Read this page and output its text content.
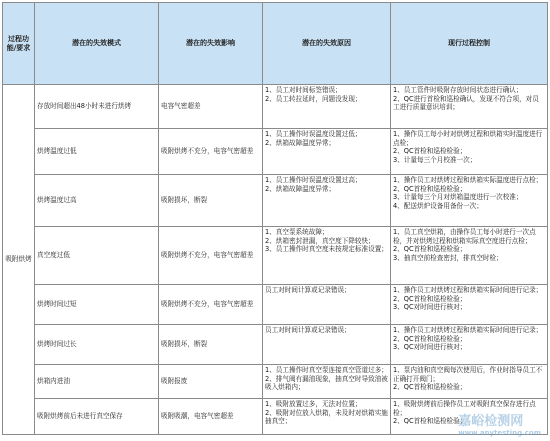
过程功能/要求	潜在的失效模式	潜在的失效影响	潜在的失效原因	现行过程控制
吸附烘烤	存放时间超出48小时未进行烘烤	电容气密超差	1、员工对时间标签错误；
2、员工转拉延时，问题没发现；	1、员工管件时吸附存放时间状态进行确认；
2、QC进行首检和巡检确认，发现不符合项，对员工进行质量意识培训；

	烘烤温度过低	吸附烘烤不充分，电容气密超差	1、员工操作时误温度设置过低；
2、烘箱故障温度异常；	1、操作员工每小时对烘烤过程和烘箱实时温度进行点检；
2、QC首检和巡检检验；
3、计量每三个月校准一次；

	烘烤温度过高	吸附损坏，断裂	1、员工操作时误温度设置过高；
2、烘箱故障温度异常；	1、操作员工对烘烤过程和烘箱实际温度进行点检；
2、QC首检和巡检检验；
3、计量每三个月对烘箱温度进行一次校准；
4、配送烘炉设备用备份一次；

	真空度过低	吸附烘烤不充分，电容气密超差	1、真空泵系统故障；
2、烘箱密封泄漏，真空度下降较快；
3、员工操作时真空度未按规定标准设置；	1、员工真空烘箱，由操作员工每小时进行一次点检，并对烘烤过程和烘箱实际真空度进行点检；
2、QC首检和巡检检验；
3、抽真空前检查密封，排真空时检；

	烘烤时间过短	吸附烘烤不充分，电容气密超差	员工对时间计算或记录错误；	1、操作员工对烘烤过程和烘箱实际时间进行记录；
2、QC首检和巡检检验；
3、QC对时间进行核对；

	烘烤时间过长	吸附损坏，断裂	员工对时间计算或记录错误；	1、操作员工对烘烤过程和烘箱实际时间进行记录；
2、QC首检和巡检检验；
3、QC对时间进行核对；

	烘箱内进油	吸附报废	1、员工操作时真空泵连接真空管道过多；
2、排气阀有漏油现象，抽真空时导致油被吸入烘箱内；	1、泵内油和真空阀每次使用后，作业时指导员工不正确打开阀门；
2、QC首检和巡检检验；

	吸附烘烤前后未进行真空保存	吸附吸潮，电容气密超差	1、吸附放置过多，无法对位置；
2、吸附对位放入烘箱，未及时对烘箱实施抽真空；	1、吸附烘烤前后操作员工对吸附真空保存进行点检；
2、QC首检和巡检检验；
嘉峪检测网
www.anytesting.com
